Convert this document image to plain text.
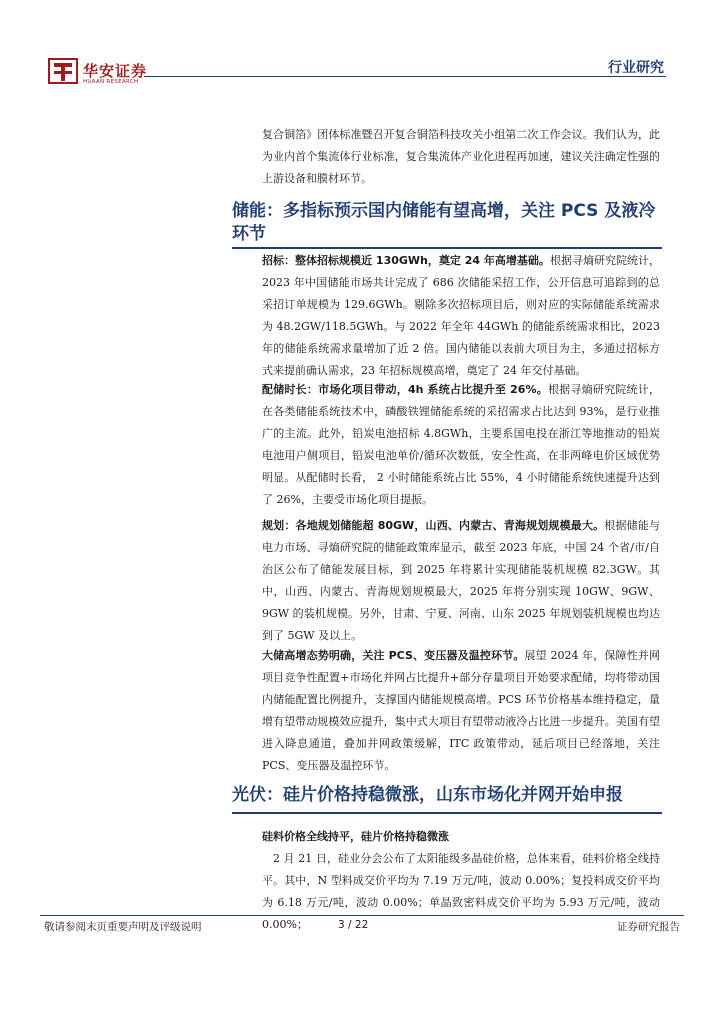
华安证券
HUAAN RESEARCH
行业研究
复合铜箔》团体标准暨召开复合铜箔科技攻关小组第二次工作会议。我们认为，此为业内首个集流体行业标准，复合集流体产业化进程再加速，建议关注确定性强的上游设备和膜材环节。
储能：多指标预示国内储能有望高增，关注 PCS 及液冷环节
招标：整体招标规模近 130GWh，奠定 24 年高增基础。根据寻熵研究院统计，2023 年中国储能市场共计完成了 686 次储能采招工作，公开信息可追踪到的总采招订单规模为 129.6GWh。剔除多次招标项目后，则对应的实际储能系统需求为 48.2GW/118.5GWh。与 2022 年全年 44GWh 的储能系统需求相比，2023 年的储能系统需求量增加了近 2 倍。国内储能以表前大项目为主，多通过招标方式来提前确认需求，23 年招标规模高增，奠定了 24 年交付基础。
配储时长：市场化项目带动，4h 系统占比提升至 26%。根据寻熵研究院统计，在各类储能系统技术中，磷酸铁锂储能系统的采招需求占比达到 93%，是行业推广的主流。此外，铅炭电池招标 4.8GWh，主要系国电投在浙江等地推动的铅炭电池用户侧项目，铅炭电池单价/循环次数低，安全性高，在非两峰电价区域优势明显。从配储时长看， 2 小时储能系统占比 55%，4 小时储能系统快速提升达到了 26%，主要受市场化项目提振。
规划：各地规划储能超 80GW，山西、内蒙古、青海规划规模最大。根据储能与电力市场、寻熵研究院的储能政策库显示，截至 2023 年底，中国 24 个省/市/自治区公布了储能发展目标，到 2025 年将累计实现储能装机规模 82.3GW。其中，山西、内蒙古、青海规划规模最大，2025 年将分别实现 10GW、9GW、9GW 的装机规模。另外，甘肃、宁夏、河南、山东 2025 年规划装机规模也均达到了 5GW 及以上。
大储高增态势明确，关注 PCS、变压器及温控环节。展望 2024 年，保障性并网项目竞争性配置+市场化并网占比提升+部分存量项目开始要求配储，均将带动国内储能配置比例提升，支撑国内储能规模高增。PCS 环节价格基本维持稳定，量增有望带动规模效应提升，集中式大项目有望带动液冷占比进一步提升。美国有望进入降息通道，叠加并网政策缓解，ITC 政策带动，延后项目已经落地，关注 PCS、变压器及温控环节。
光伏：硅片价格持稳微涨，山东市场化并网开始申报
硅料价格全线持平，硅片价格持稳微涨
2 月 21 日，硅业分会公布了太阳能级多晶硅价格，总体来看，硅料价格全线持平。其中，N 型料成交价平均为 7.19 万元/吨，波动 0.00%；复投料成交价平均为 6.18 万元/吨，波动 0.00%；单晶致密料成交价平均为 5.93 万元/吨，波动 0.00%；
敬请参阅末页重要声明及评级说明	3 / 22	证券研究报告
